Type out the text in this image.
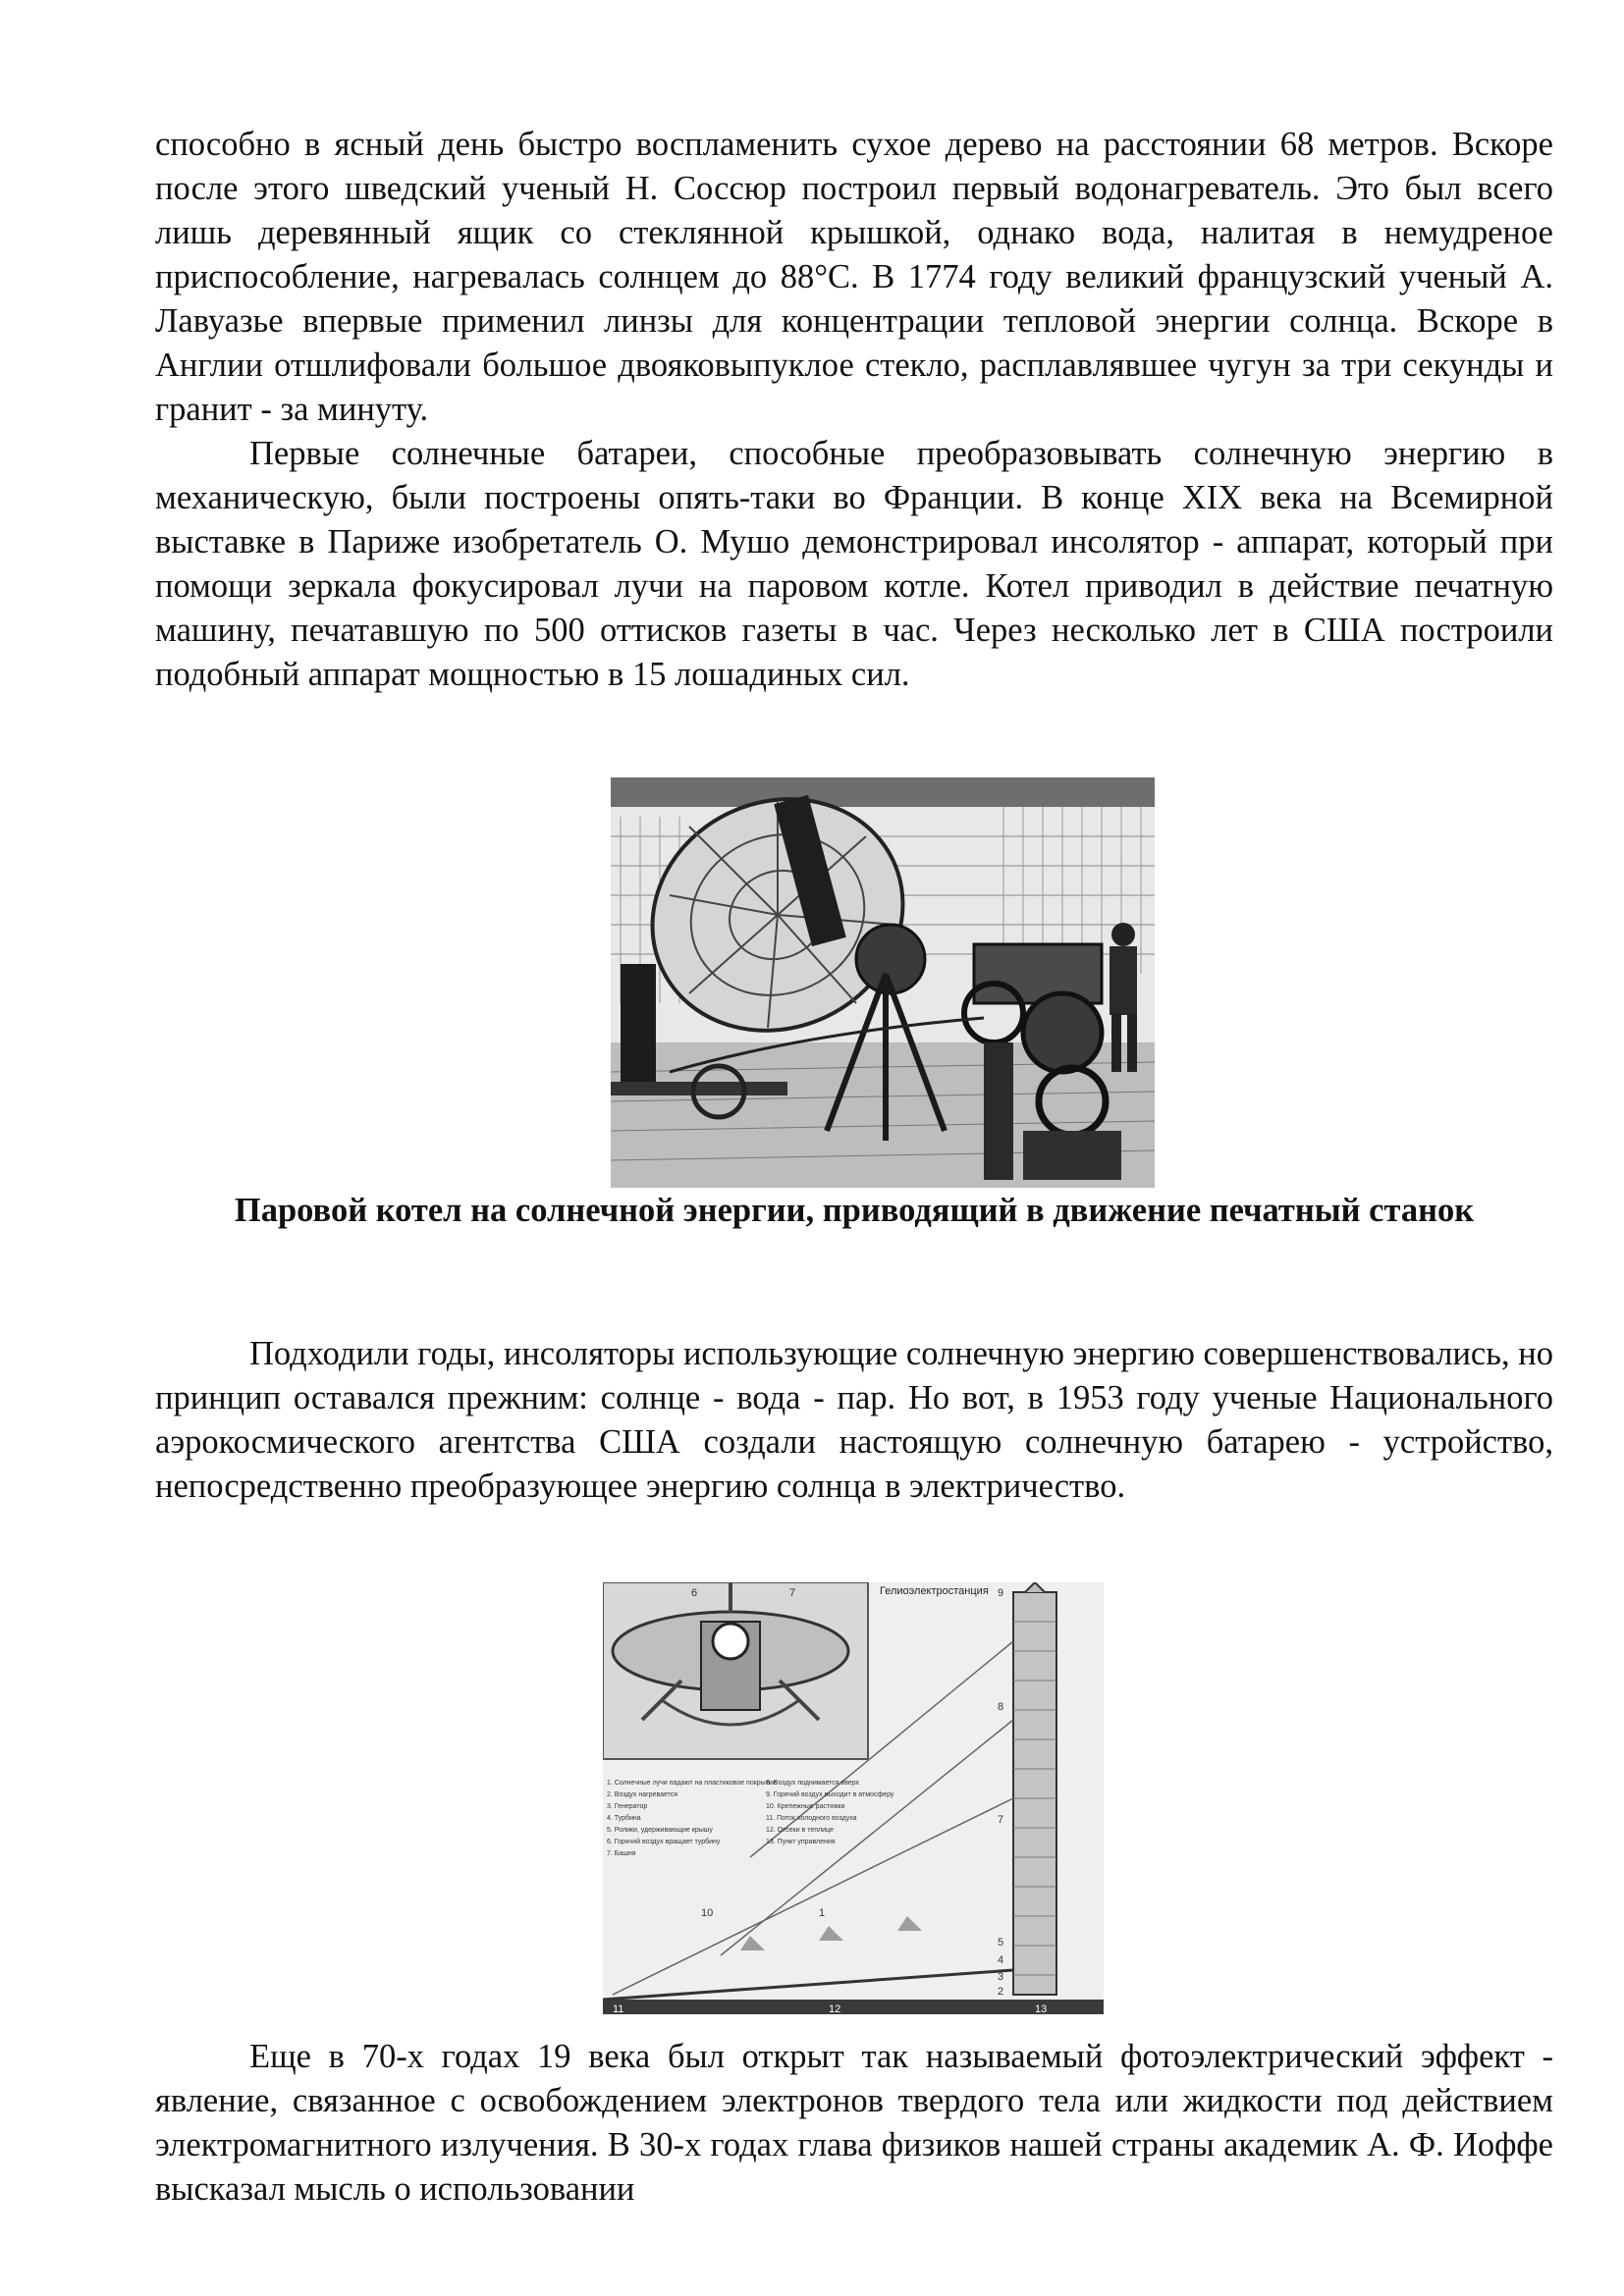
способно в ясный день быстро воспламенить сухое дерево на расстоянии 68 метров. Вскоре после этого шведский ученый Н. Соссюр построил первый водонагреватель. Это был всего лишь деревянный ящик со стеклянной крышкой, однако вода, налитая в немудреное приспособление, нагревалась солнцем до 88°С. В 1774 году великий французский ученый А. Лавуазье впервые применил линзы для концентрации тепловой энергии солнца. Вскоре в Англии отшлифовали большое двояковыпуклое стекло, расплавлявшее чугун за три секунды и гранит - за минуту.

Первые солнечные батареи, способные преобразовывать солнечную энергию в механическую, были построены опять-таки во Франции. В конце XIX века на Всемирной выставке в Париже изобретатель О. Мушо демонстрировал инсолятор - аппарат, который при помощи зеркала фокусировал лучи на паровом котле. Котел приводил в действие печатную машину, печатавшую по 500 оттисков газеты в час. Через несколько лет в США построили подобный аппарат мощностью в 15 лошадиных сил.

Паровой котел на солнечной энергии, приводящий в движение печатный станок

Подходили годы, инсоляторы использующие солнечную энергию совершенствовались, но принцип оставался прежним: солнце - вода - пар. Но вот, в 1953 году ученые Национального аэрокосмического агентства США создали настоящую солнечную батарею - устройство, непосредственно преобразующее энергию солнца в электричество.

Гелиоэлектростанция
6	7	9
8
7
5
4
3
2
10	1
11	12	13
1. Солнечные лучи падают на пластиковое покрытие
2. Воздух нагревается
3. Генератор
4. Турбина
5. Ролики, удерживающие крышу
6. Горячий воздух вращает турбину
7. Башня
8. Воздух поднимается вверх
9. Горячий воздух выходит в атмосферу
10. Крепежные растяжки
11. Поток холодного воздуха
12. Отсеки в теплице
13. Пункт управления

Еще в 70-х годах 19 века был открыт так называемый фотоэлектрический эффект - явление, связанное с освобождением электронов твердого тела или жидкости под действием электромагнитного излучения. В 30-х годах глава физиков нашей страны академик А. Ф. Иоффе высказал мысль о использовании
